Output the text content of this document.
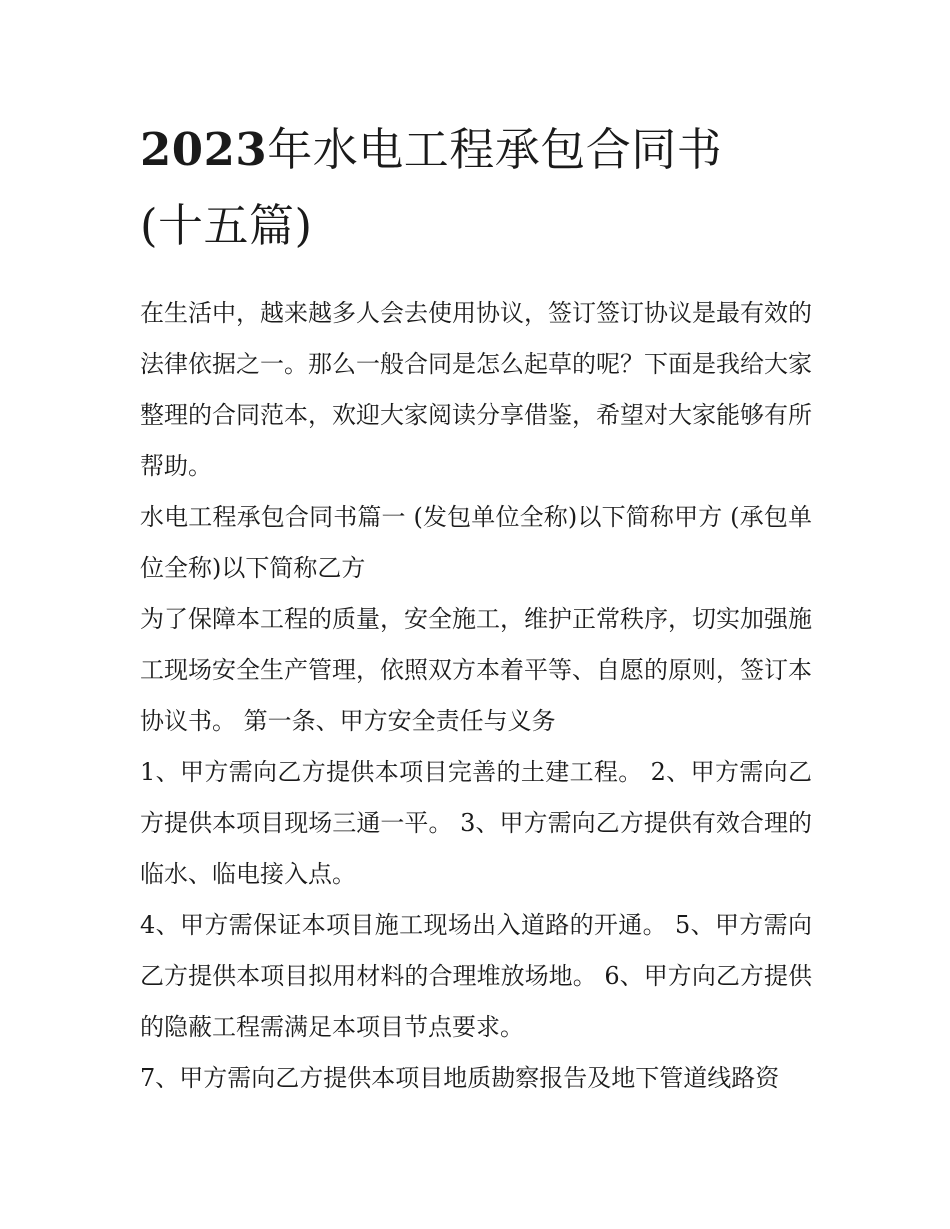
2023年水电工程承包合同书
(十五篇)

在生活中，越来越多人会去使用协议，签订签订协议是最有效的法律依据之一。那么一般合同是怎么起草的呢？下面是我给大家整理的合同范本，欢迎大家阅读分享借鉴，希望对大家能够有所帮助。

水电工程承包合同书篇一 (发包单位全称)以下简称甲方 (承包单位全称)以下简称乙方

为了保障本工程的质量，安全施工，维护正常秩序，切实加强施工现场安全生产管理，依照双方本着平等、自愿的原则，签订本协议书。 第一条、甲方安全责任与义务

1、甲方需向乙方提供本项目完善的土建工程。 2、甲方需向乙方提供本项目现场三通一平。 3、甲方需向乙方提供有效合理的临水、临电接入点。

4、甲方需保证本项目施工现场出入道路的开通。 5、甲方需向乙方提供本项目拟用材料的合理堆放场地。 6、甲方向乙方提供的隐蔽工程需满足本项目节点要求。

7、甲方需向乙方提供本项目地质勘察报告及地下管道线路资
